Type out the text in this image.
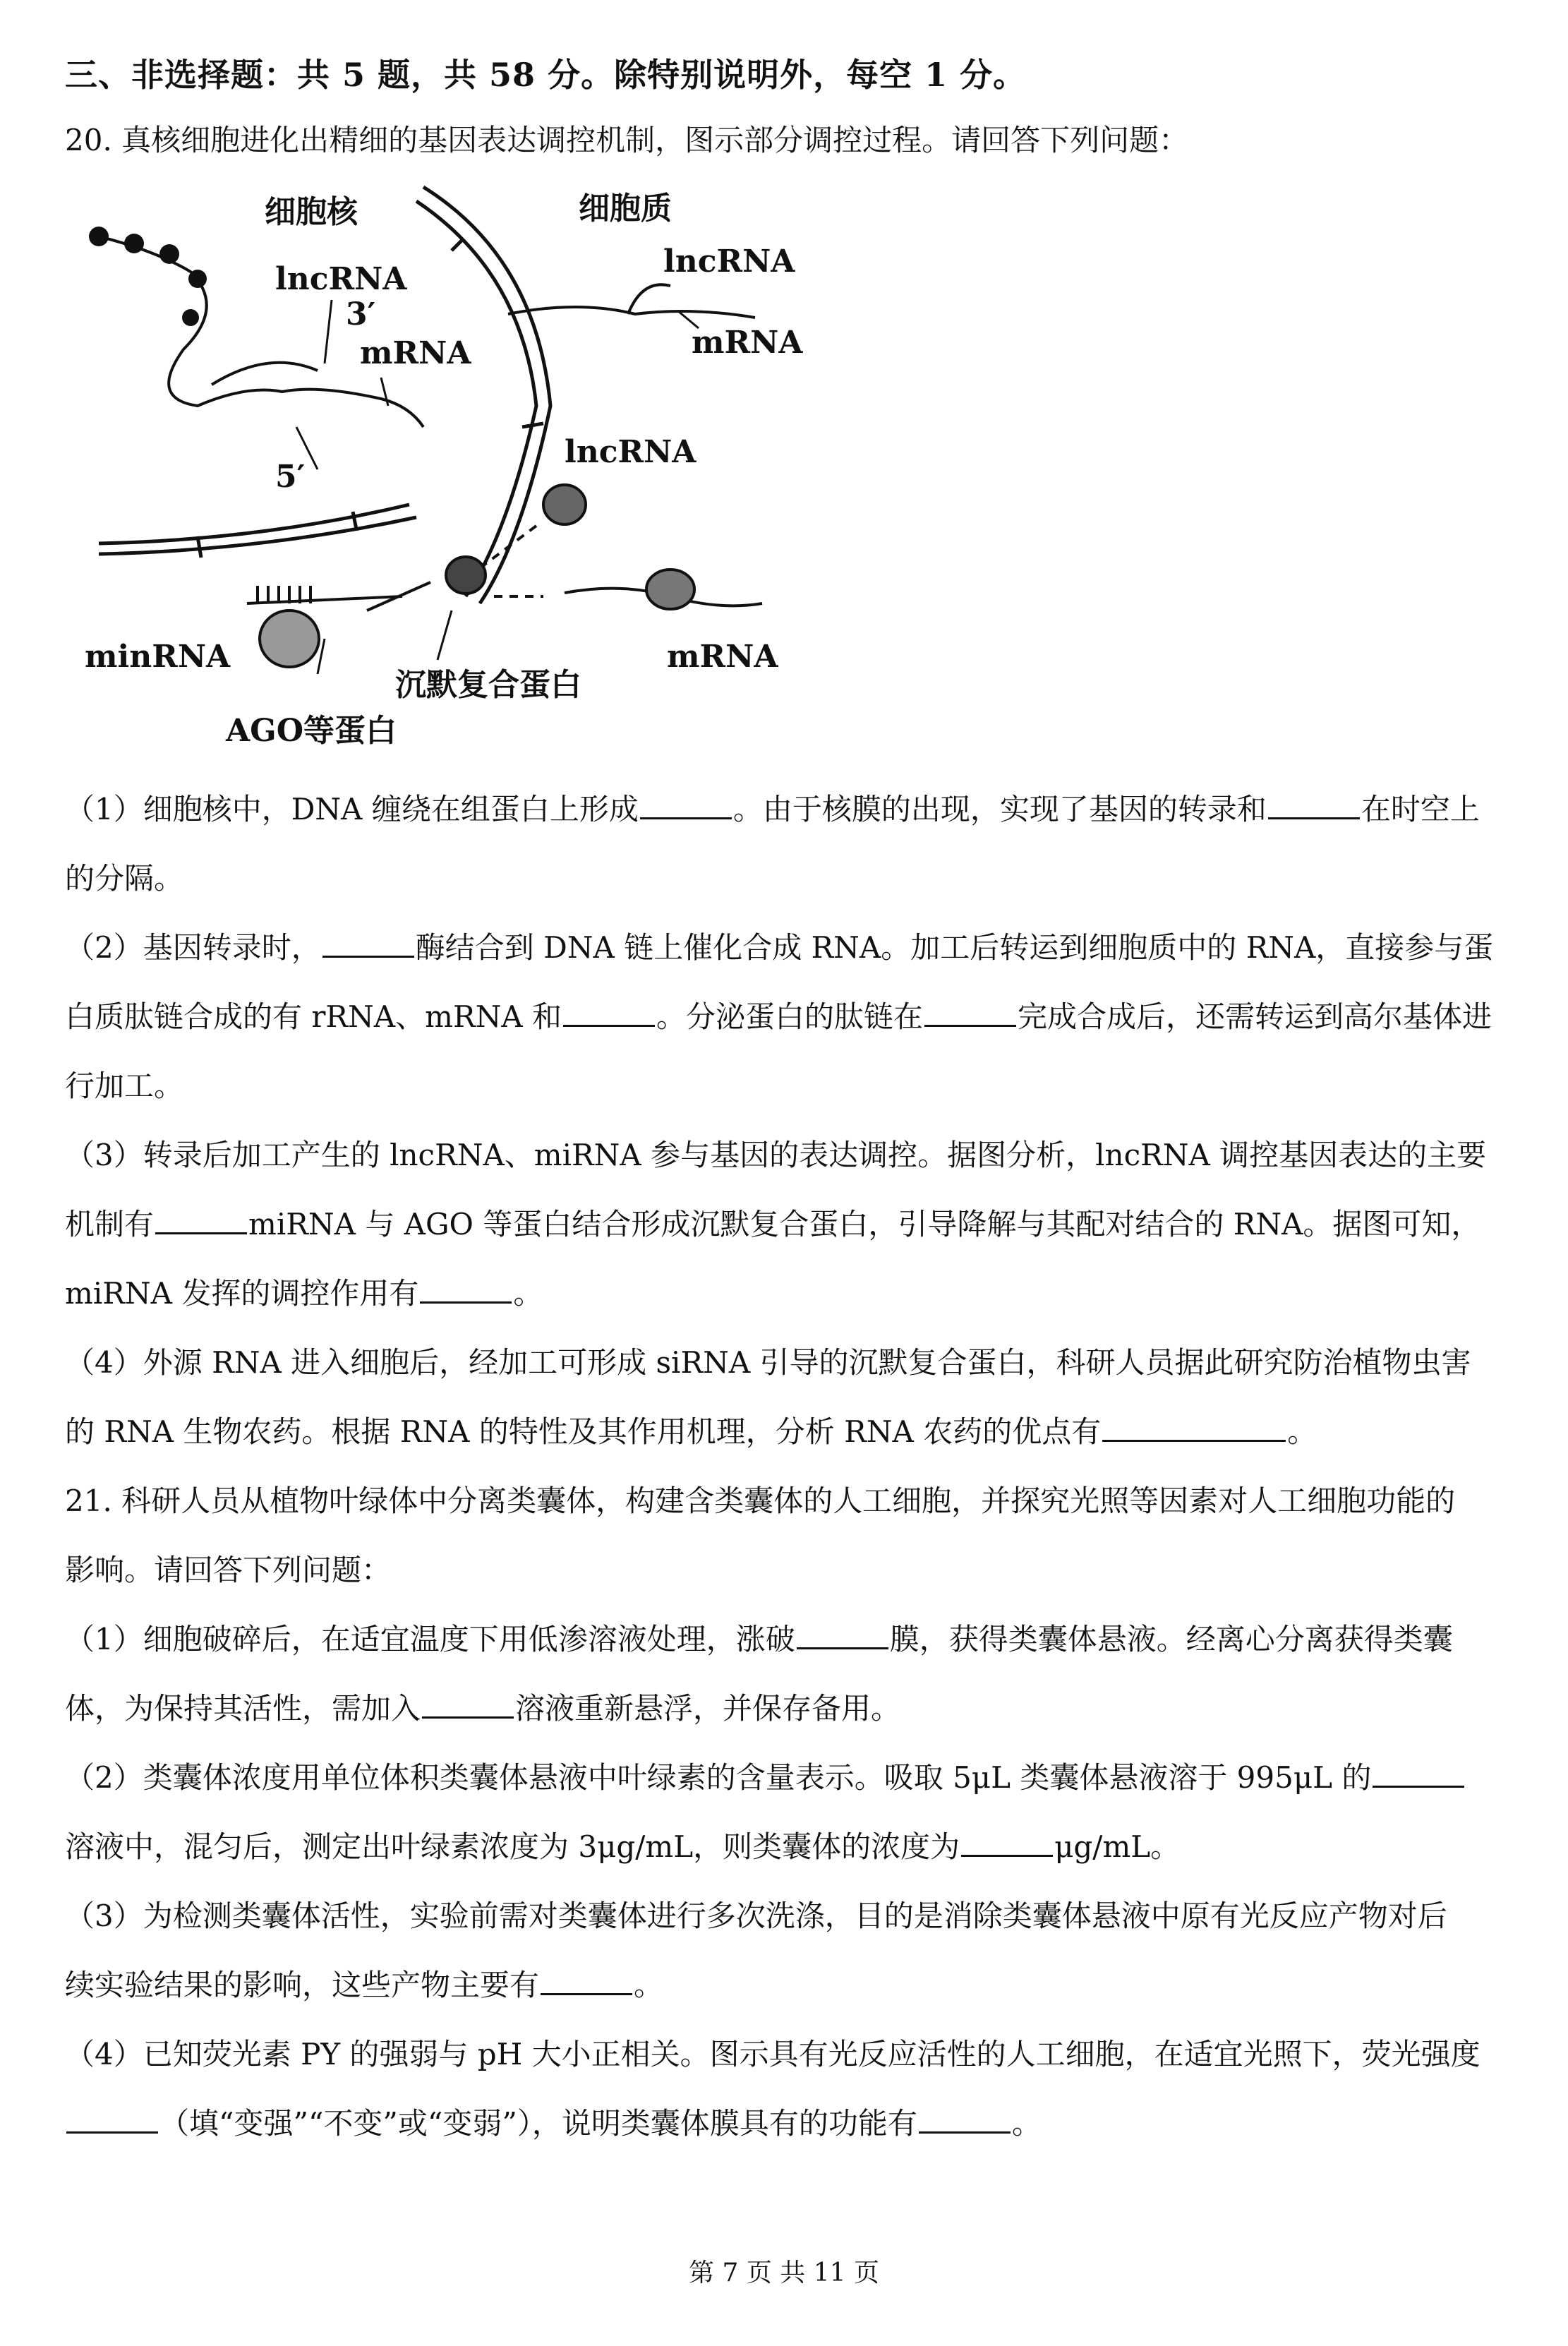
三、非选择题：共 5 题，共 58 分。除特别说明外，每空 1 分。
20. 真核细胞进化出精细的基因表达调控机制，图示部分调控过程。请回答下列问题：
细胞核	细胞质
lncRNA
3′
mRNA
5′
lncRNA
mRNA
lncRNA
minRNA
沉默复合蛋白
mRNA
AGO等蛋白
（1）细胞核中，DNA 缠绕在组蛋白上形成	。由于核膜的出现，实现了基因的转录和	在时空上
的分隔。
（2）基因转录时，	酶结合到 DNA 链上催化合成 RNA。加工后转运到细胞质中的 RNA，直接参与蛋
白质肽链合成的有 rRNA、mRNA 和	。分泌蛋白的肽链在	完成合成后，还需转运到高尔基体进
行加工。
（3）转录后加工产生的 lncRNA、miRNA 参与基因的表达调控。据图分析，lncRNA 调控基因表达的主要
机制有	miRNA 与 AGO 等蛋白结合形成沉默复合蛋白，引导降解与其配对结合的 RNA。据图可知，
miRNA 发挥的调控作用有	。
（4）外源 RNA 进入细胞后，经加工可形成 siRNA 引导的沉默复合蛋白，科研人员据此研究防治植物虫害
的 RNA 生物农药。根据 RNA 的特性及其作用机理，分析 RNA 农药的优点有	。
21. 科研人员从植物叶绿体中分离类囊体，构建含类囊体的人工细胞，并探究光照等因素对人工细胞功能的
影响。请回答下列问题：
（1）细胞破碎后，在适宜温度下用低渗溶液处理，涨破	膜，获得类囊体悬液。经离心分离获得类囊
体，为保持其活性，需加入	溶液重新悬浮，并保存备用。
（2）类囊体浓度用单位体积类囊体悬液中叶绿素的含量表示。吸取 5μL 类囊体悬液溶于 995μL 的
溶液中，混匀后，测定出叶绿素浓度为 3μg/mL，则类囊体的浓度为	μg/mL。
（3）为检测类囊体活性，实验前需对类囊体进行多次洗涤，目的是消除类囊体悬液中原有光反应产物对后
续实验结果的影响，这些产物主要有	。
（4）已知荧光素 PY 的强弱与 pH 大小正相关。图示具有光反应活性的人工细胞，在适宜光照下，荧光强度
（填“变强”“不变”或“变弱”），说明类囊体膜具有的功能有	。
第 7 页 共 11 页
